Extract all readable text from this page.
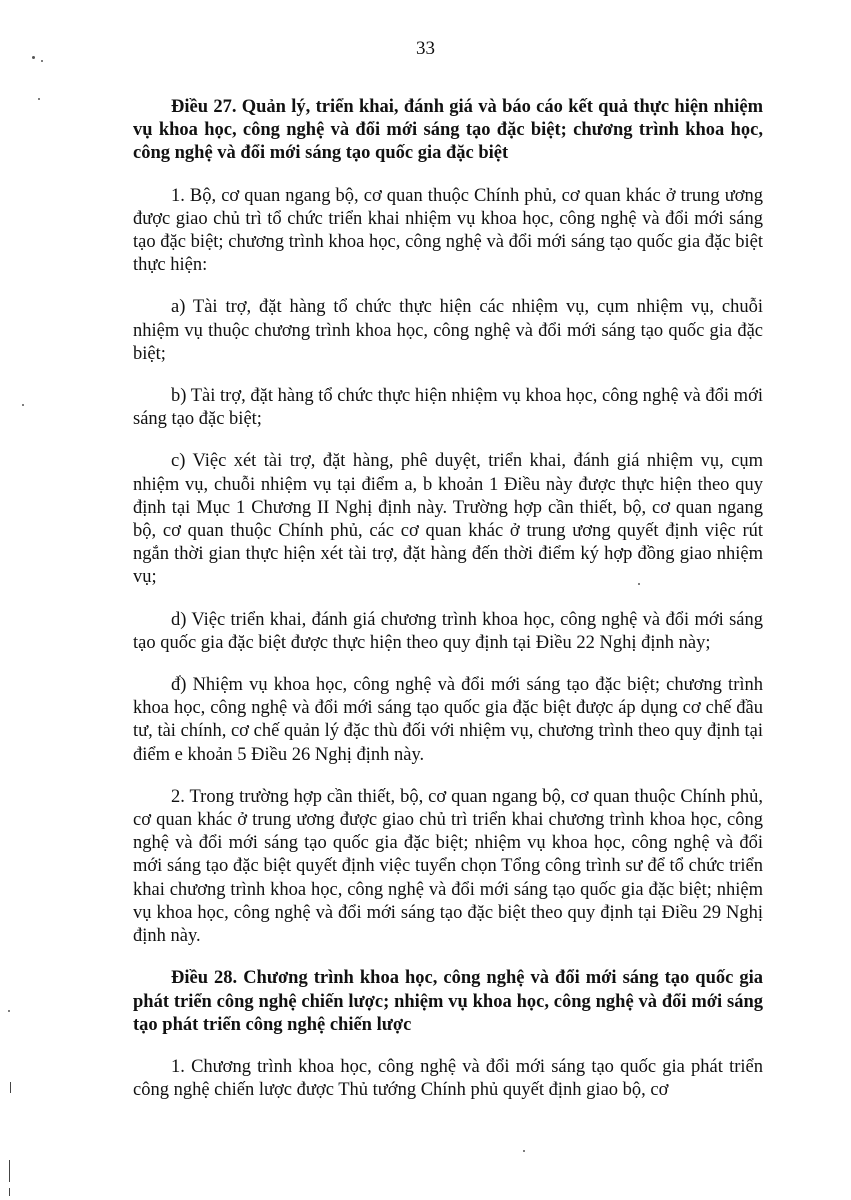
33

Điều 27. Quản lý, triển khai, đánh giá và báo cáo kết quả thực hiện nhiệm vụ khoa học, công nghệ và đổi mới sáng tạo đặc biệt; chương trình khoa học, công nghệ và đổi mới sáng tạo quốc gia đặc biệt

1. Bộ, cơ quan ngang bộ, cơ quan thuộc Chính phủ, cơ quan khác ở trung ương được giao chủ trì tổ chức triển khai nhiệm vụ khoa học, công nghệ và đổi mới sáng tạo đặc biệt; chương trình khoa học, công nghệ và đổi mới sáng tạo quốc gia đặc biệt thực hiện:

a) Tài trợ, đặt hàng tổ chức thực hiện các nhiệm vụ, cụm nhiệm vụ, chuỗi nhiệm vụ thuộc chương trình khoa học, công nghệ và đổi mới sáng tạo quốc gia đặc biệt;

b) Tài trợ, đặt hàng tổ chức thực hiện nhiệm vụ khoa học, công nghệ và đổi mới sáng tạo đặc biệt;

c) Việc xét tài trợ, đặt hàng, phê duyệt, triển khai, đánh giá nhiệm vụ, cụm nhiệm vụ, chuỗi nhiệm vụ tại điểm a, b khoản 1 Điều này được thực hiện theo quy định tại Mục 1 Chương II Nghị định này. Trường hợp cần thiết, bộ, cơ quan ngang bộ, cơ quan thuộc Chính phủ, các cơ quan khác ở trung ương quyết định việc rút ngắn thời gian thực hiện xét tài trợ, đặt hàng đến thời điểm ký hợp đồng giao nhiệm vụ;

d) Việc triển khai, đánh giá chương trình khoa học, công nghệ và đổi mới sáng tạo quốc gia đặc biệt được thực hiện theo quy định tại Điều 22 Nghị định này;

đ) Nhiệm vụ khoa học, công nghệ và đổi mới sáng tạo đặc biệt; chương trình khoa học, công nghệ và đổi mới sáng tạo quốc gia đặc biệt được áp dụng cơ chế đầu tư, tài chính, cơ chế quản lý đặc thù đối với nhiệm vụ, chương trình theo quy định tại điểm e khoản 5 Điều 26 Nghị định này.

2. Trong trường hợp cần thiết, bộ, cơ quan ngang bộ, cơ quan thuộc Chính phủ, cơ quan khác ở trung ương được giao chủ trì triển khai chương trình khoa học, công nghệ và đổi mới sáng tạo quốc gia đặc biệt; nhiệm vụ khoa học, công nghệ và đổi mới sáng tạo đặc biệt quyết định việc tuyển chọn Tổng công trình sư để tổ chức triển khai chương trình khoa học, công nghệ và đổi mới sáng tạo quốc gia đặc biệt; nhiệm vụ khoa học, công nghệ và đổi mới sáng tạo đặc biệt theo quy định tại Điều 29 Nghị định này.

Điều 28. Chương trình khoa học, công nghệ và đổi mới sáng tạo quốc gia phát triển công nghệ chiến lược; nhiệm vụ khoa học, công nghệ và đổi mới sáng tạo phát triển công nghệ chiến lược

1. Chương trình khoa học, công nghệ và đổi mới sáng tạo quốc gia phát triển công nghệ chiến lược được Thủ tướng Chính phủ quyết định giao bộ, cơ
